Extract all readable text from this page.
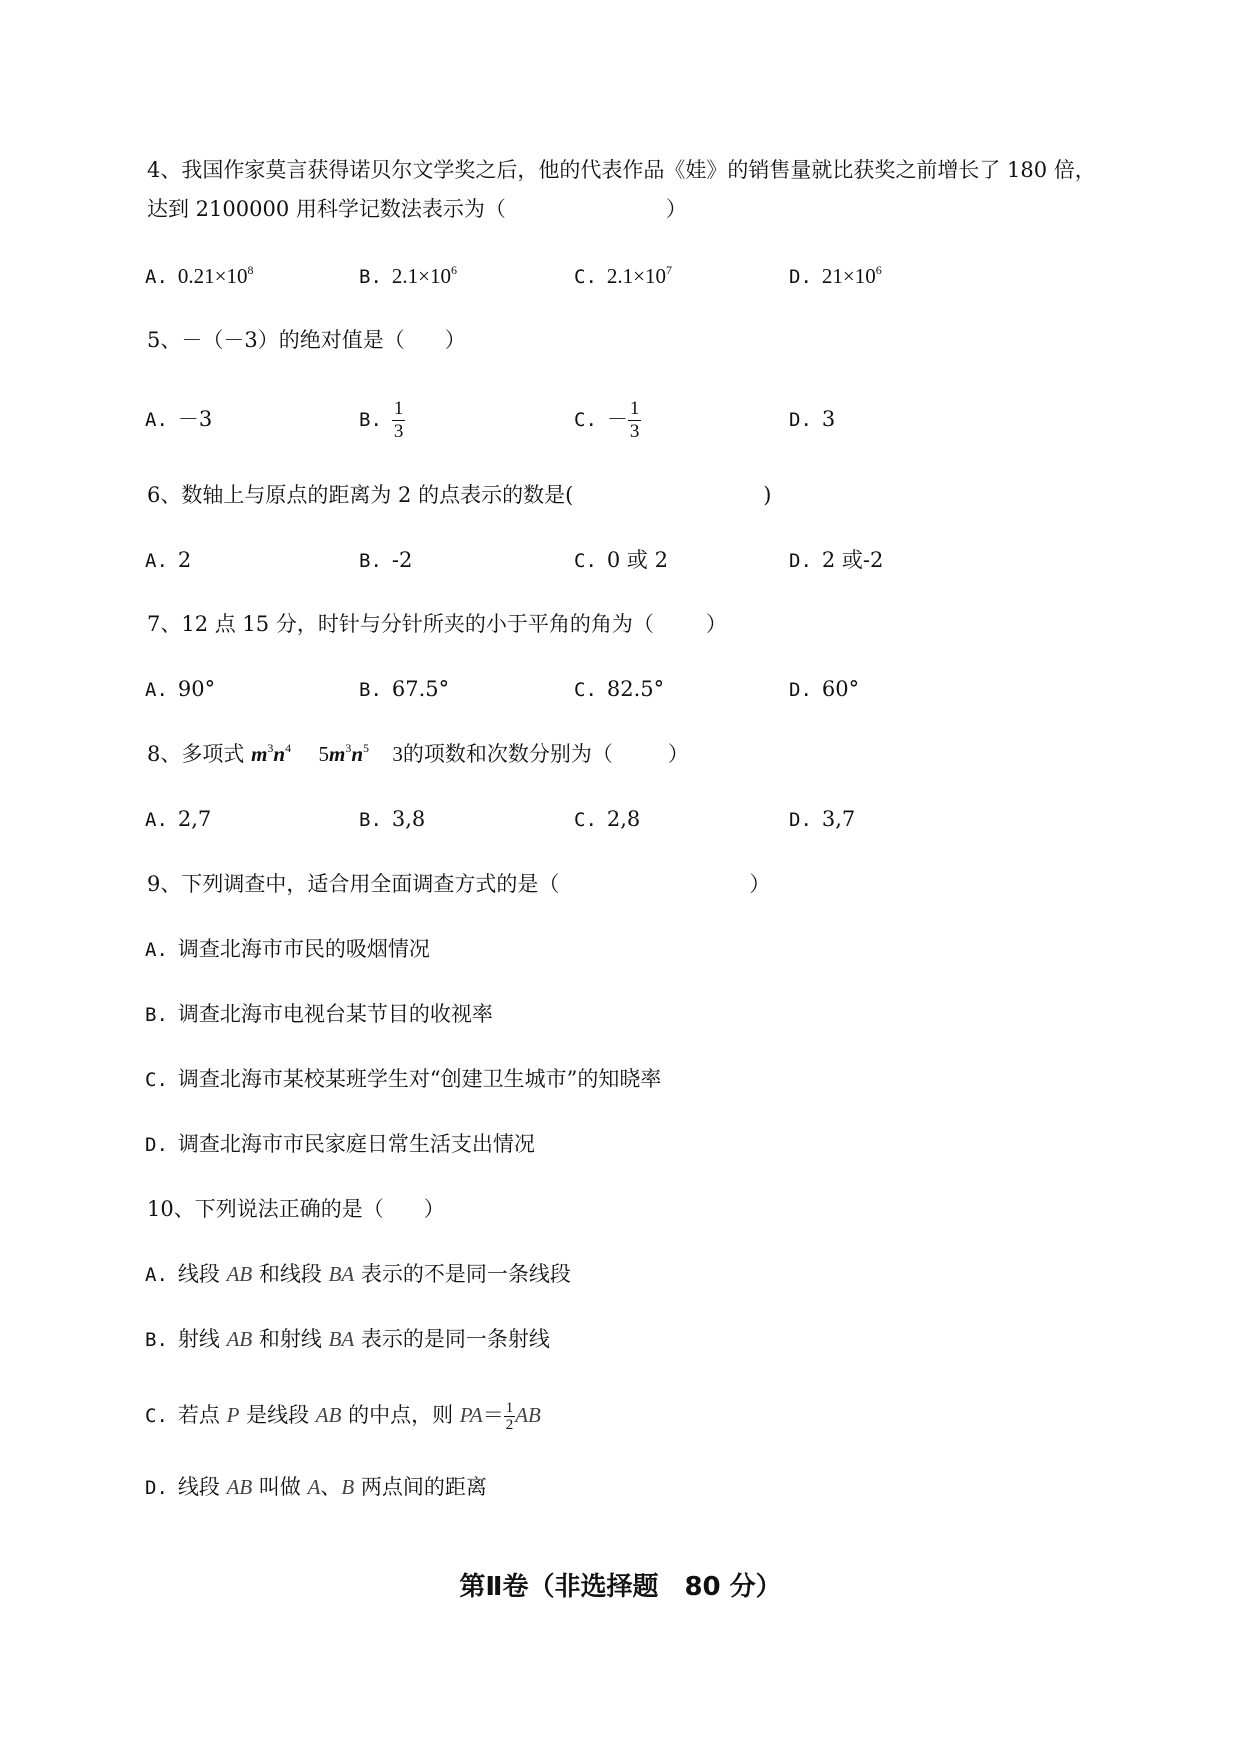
4、我国作家莫言获得诺贝尔文学奖之后，他的代表作品《娃》的销售量就比获奖之前增长了 180 倍，
达到 2100000 用科学记数法表示为（	）
A. $0.21\times 10^8$	B. $2.1\times 10^6$	C. $2.1\times 10^7$	D. $21\times 10^6$
5、－（－3）的绝对值是（ ）
A. －3	B. $\frac{1}{3}$	C. － $\frac{1}{3}$	D. 3
6、数轴上与原点的距离为 2 的点表示的数是(	)
A. 2	B. -2	C. 0 或 2	D. 2 或-2
7、12 点 15 分，时针与分针所夹的小于平角的角为（ ）
A. 90°	B. 67.5°	C. 82.5°	D. 60°
8、多项式 $m^3n^4$ $5m^3n^5$ 3的项数和次数分别为（	）
A. 2,7	B. 3,8	C. 2,8	D. 3,7
9、下列调查中，适合用全面调查方式的是（	）
A. 调查北海市市民的吸烟情况
B. 调查北海市电视台某节目的收视率
C. 调查北海市某校某班学生对“创建卫生城市”的知晓率
D. 调查北海市市民家庭日常生活支出情况
10、下列说法正确的是（ ）
A. 线段 AB 和线段 BA 表示的不是同一条线段
B. 射线 AB 和射线 BA 表示的是同一条射线
C. 若点 P 是线段 AB 的中点，则 $PA= \frac{1}{2}$ AB
D. 线段 AB 叫做 A、B 两点间的距离
第Ⅱ卷（非选择题　80 分）
